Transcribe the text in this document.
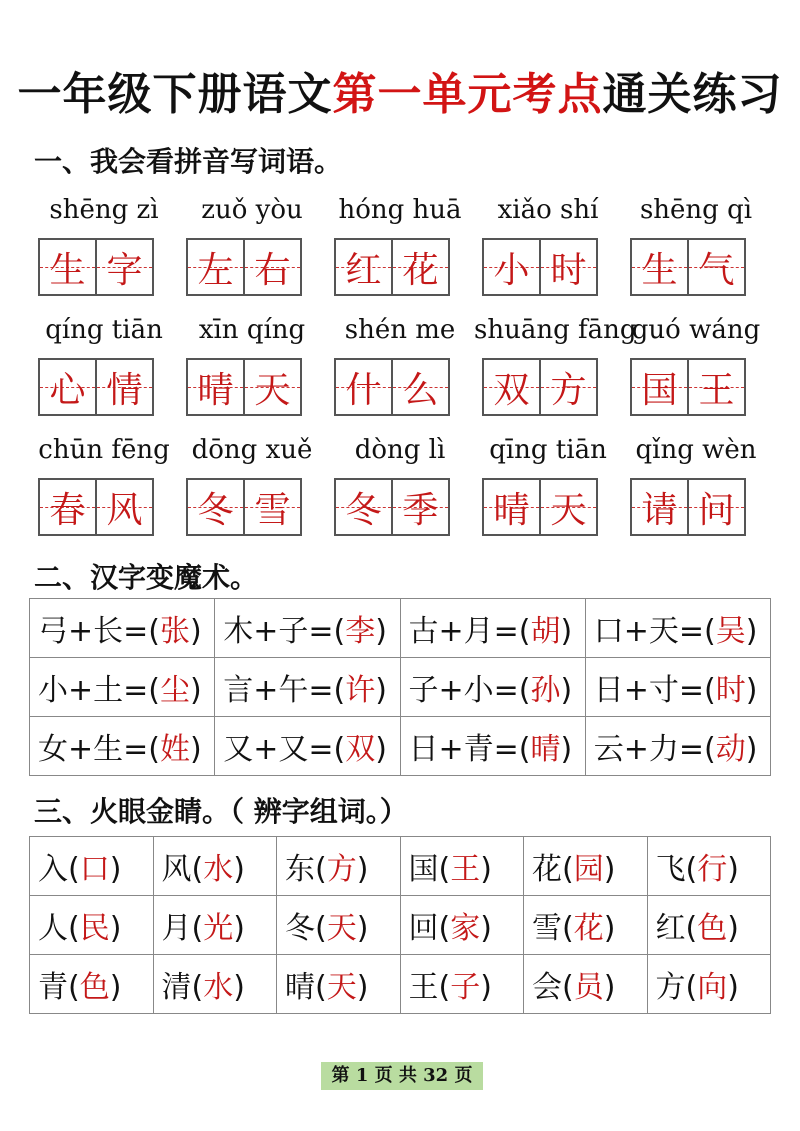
一年级下册语文第一单元考点通关练习
一、我会看拼音写词语。
shēng zì
生 字
zuǒ yòu
左 右
hóng huā
红 花
xiǎo shí
小 时
shēng qì
生 气
qíng tiān
心 情
xīn qíng
晴 天
shén me
什 么
shuāng fāng
双 方
guó wáng
国 王
chūn fēng
春 风
dōng xuě
冬 雪
dòng lì
冬 季
qīng tiān
晴 天
qǐng wèn
请 问
二、汉字变魔术。
弓+长=(张)	木+子=(李)	古+月=(胡)	口+天=(吴)
小+土=(尘)	言+午=(许)	子+小=(孙)	日+寸=(时)
女+生=(姓)	又+又=(双)	日+青=(晴)	云+力=(动)
三、火眼金睛。（ 辨字组词。）
入(口)	风(水)	东(方)	国(王)	花(园)	飞(行)
人(民)	月(光)	冬(天)	回(家)	雪(花)	红(色)
青(色)	清(水)	晴(天)	王(子)	会(员)	方(向)
第 1 页 共 32 页
